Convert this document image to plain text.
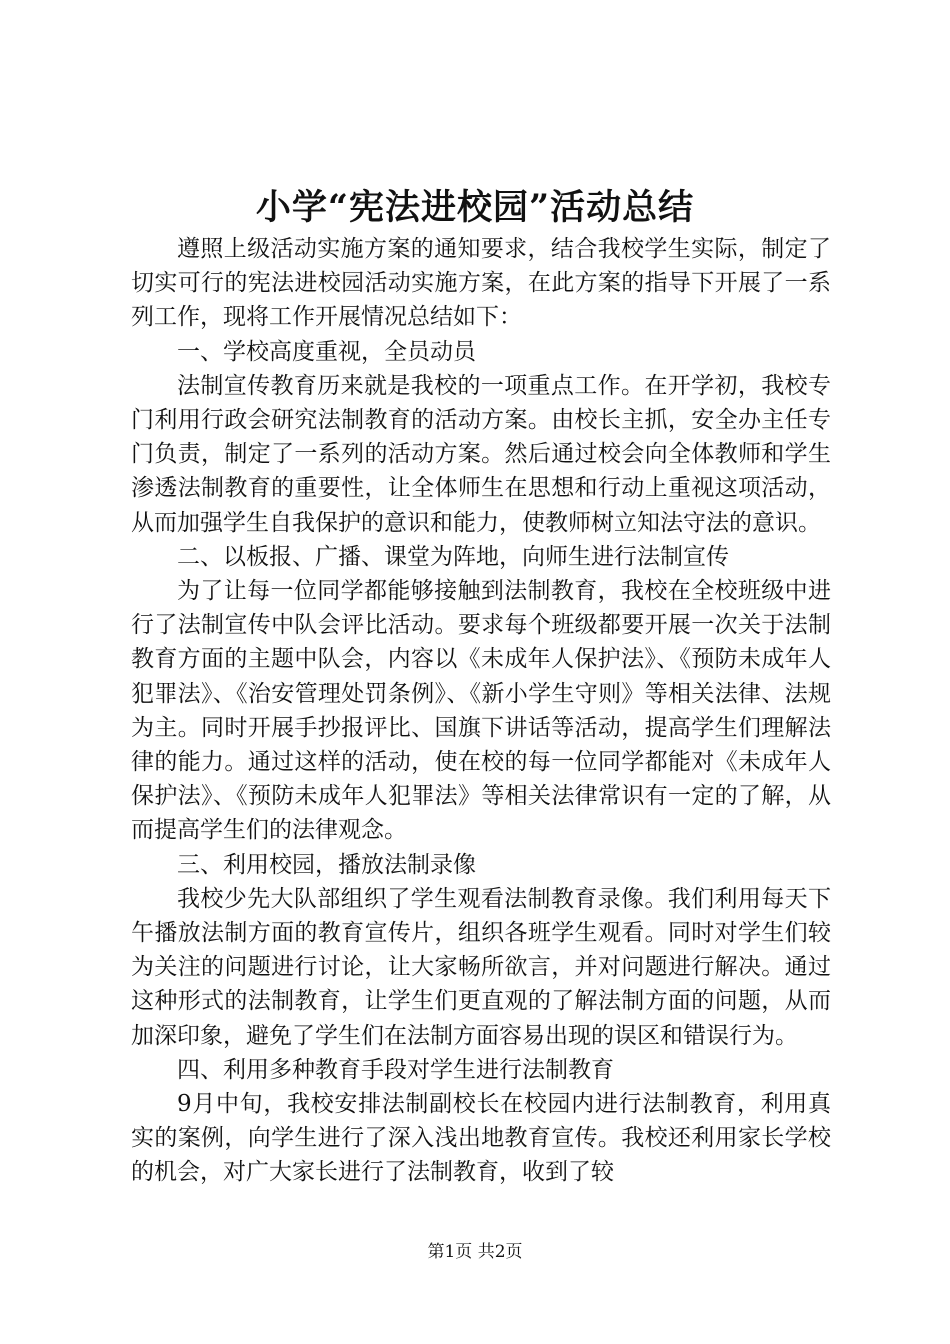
小学“宪法进校园”活动总结

遵照上级活动实施方案的通知要求，结合我校学生实际，制定了切实可行的宪法进校园活动实施方案，在此方案的指导下开展了一系列工作，现将工作开展情况总结如下：

一、学校高度重视，全员动员

法制宣传教育历来就是我校的一项重点工作。在开学初，我校专门利用行政会研究法制教育的活动方案。由校长主抓，安全办主任专门负责，制定了一系列的活动方案。然后通过校会向全体教师和学生渗透法制教育的重要性，让全体师生在思想和行动上重视这项活动，从而加强学生自我保护的意识和能力，使教师树立知法守法的意识。

二、以板报、广播、课堂为阵地，向师生进行法制宣传

为了让每一位同学都能够接触到法制教育，我校在全校班级中进行了法制宣传中队会评比活动。要求每个班级都要开展一次关于法制教育方面的主题中队会，内容以《未成年人保护法》、《预防未成年人犯罪法》、《治安管理处罚条例》、《新小学生守则》等相关法律、法规为主。同时开展手抄报评比、国旗下讲话等活动，提高学生们理解法律的能力。通过这样的活动，使在校的每一位同学都能对《未成年人保护法》、《预防未成年人犯罪法》等相关法律常识有一定的了解，从而提高学生们的法律观念。

三、利用校园，播放法制录像

我校少先大队部组织了学生观看法制教育录像。我们利用每天下午播放法制方面的教育宣传片，组织各班学生观看。同时对学生们较为关注的问题进行讨论，让大家畅所欲言，并对问题进行解决。通过这种形式的法制教育，让学生们更直观的了解法制方面的问题，从而加深印象，避免了学生们在法制方面容易出现的误区和错误行为。

四、利用多种教育手段对学生进行法制教育

9月中旬，我校安排法制副校长在校园内进行法制教育，利用真实的案例，向学生进行了深入浅出地教育宣传。我校还利用家长学校的机会，对广大家长进行了法制教育，收到了较

第1页 共2页
